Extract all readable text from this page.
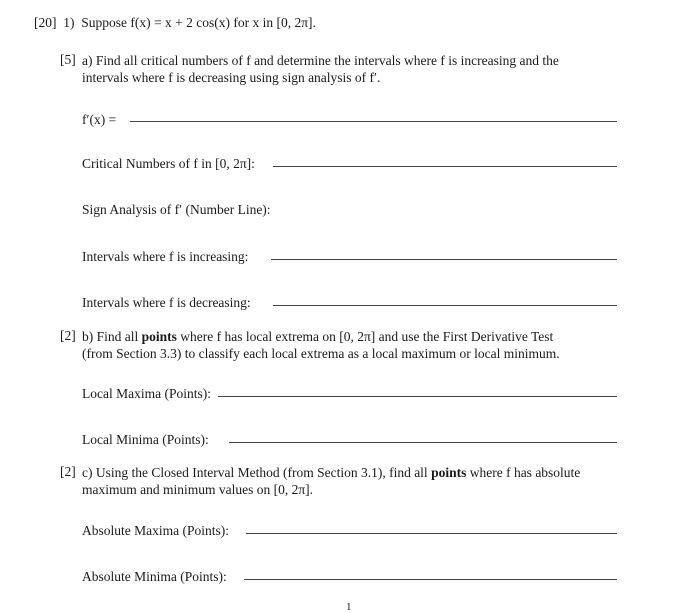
[20] 1) Suppose f(x) = x + 2 cos(x) for x in [0, 2π].
[5] a) Find all critical numbers of f and determine the intervals where f is increasing and the
intervals where f is decreasing using sign analysis of f′.
f′(x) =
Critical Numbers of f in [0, 2π]:
Sign Analysis of f′ (Number Line):
Intervals where f is increasing:
Intervals where f is decreasing:
[2] b) Find all points where f has local extrema on [0, 2π] and use the First Derivative Test
(from Section 3.3) to classify each local extrema as a local maximum or local minimum.
Local Maxima (Points):
Local Minima (Points):
[2] c) Using the Closed Interval Method (from Section 3.1), find all points where f has absolute
maximum and minimum values on [0, 2π].
Absolute Maxima (Points):
Absolute Minima (Points):
1
